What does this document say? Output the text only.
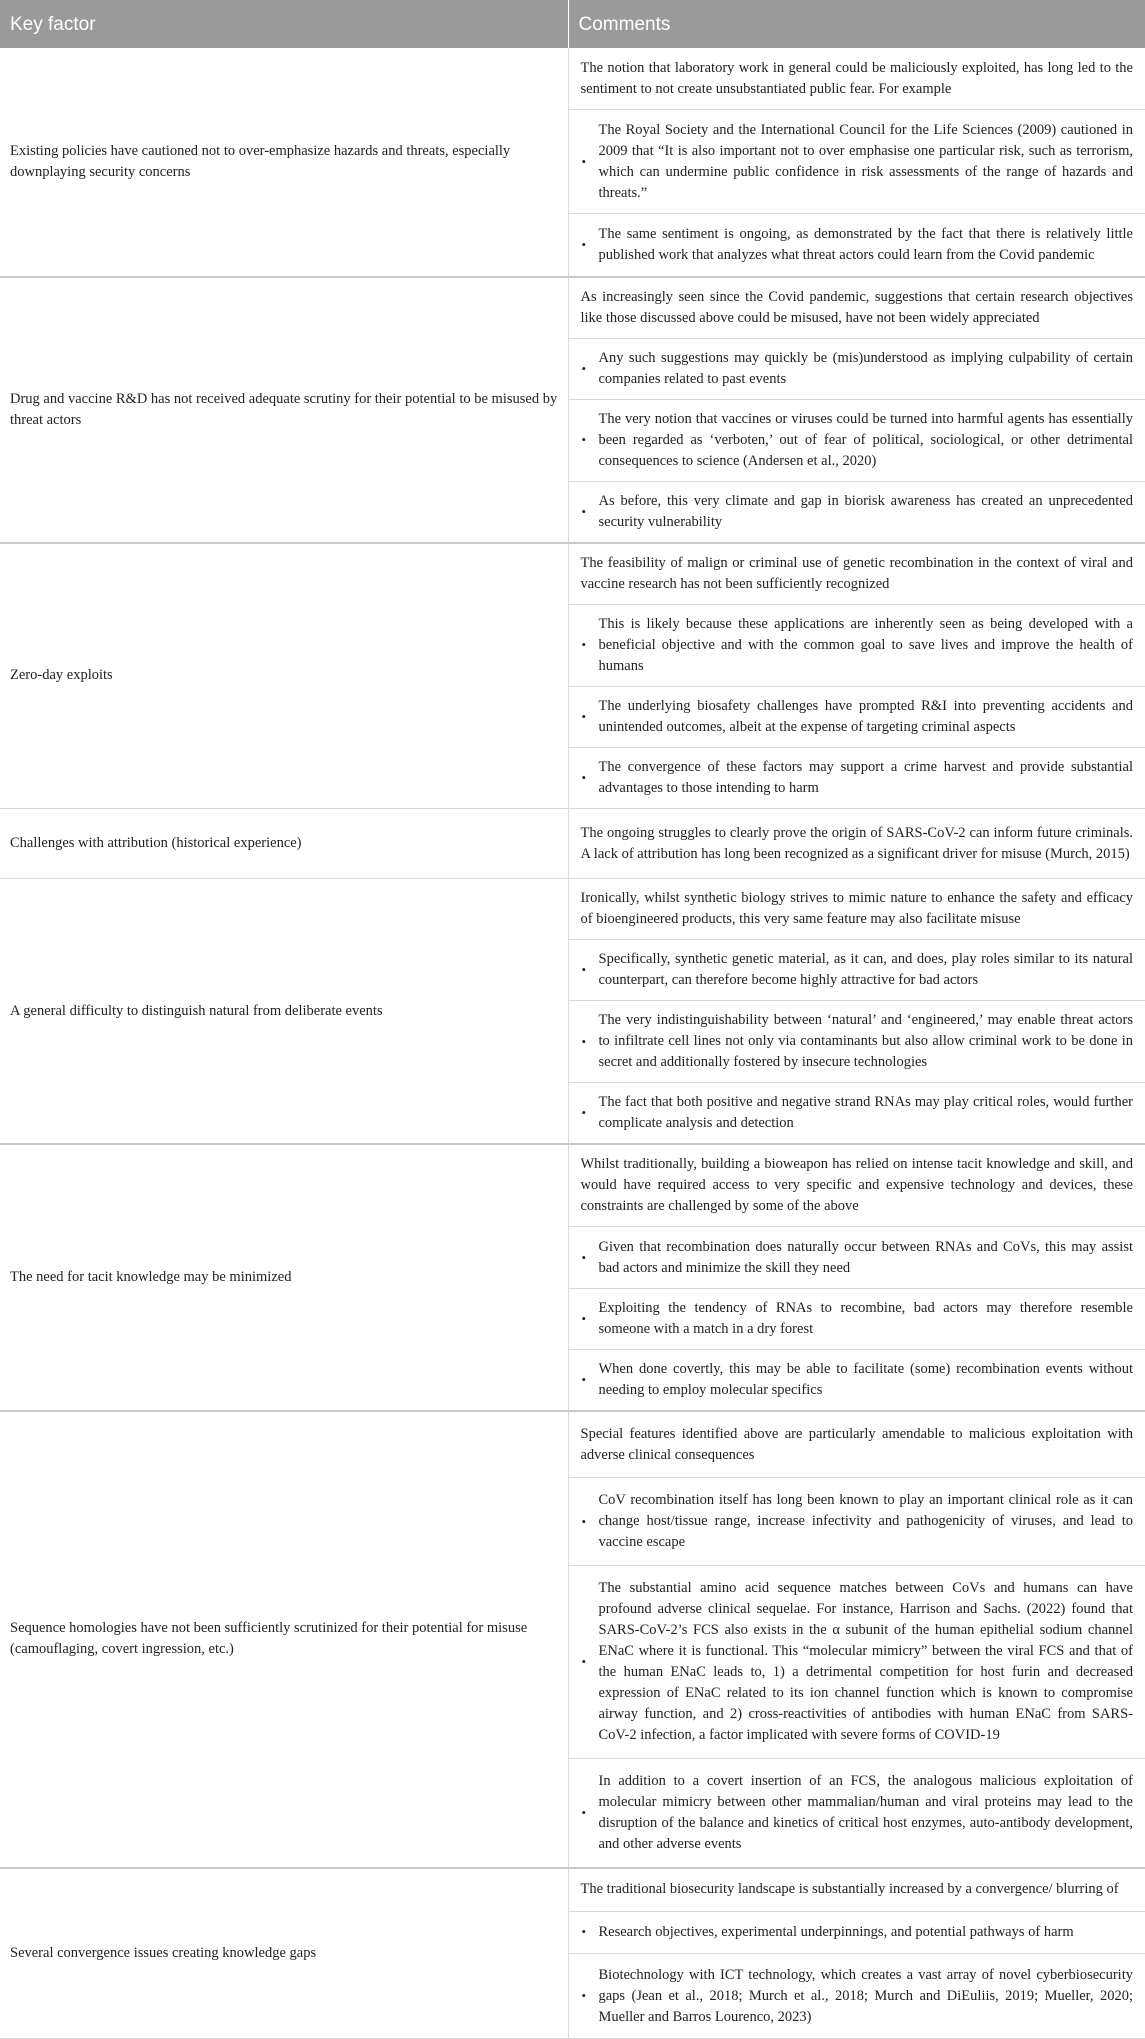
Key factor	Comments
Existing policies have cautioned not to over-emphasize hazards and threats, especially downplaying security concerns	The notion that laboratory work in general could be maliciously exploited, has long led to the sentiment to not create unsubstantiated public fear. For example
• The Royal Society and the International Council for the Life Sciences (2009) cautioned in 2009 that “It is also important not to over emphasise one particular risk, such as terrorism, which can undermine public confidence in risk assessments of the range of hazards and threats.”
• The same sentiment is ongoing, as demonstrated by the fact that there is relatively little published work that analyzes what threat actors could learn from the Covid pandemic

Drug and vaccine R&D has not received adequate scrutiny for their potential to be misused by threat actors	As increasingly seen since the Covid pandemic, suggestions that certain research objectives like those discussed above could be misused, have not been widely appreciated
• Any such suggestions may quickly be (mis)understood as implying culpability of certain companies related to past events
• The very notion that vaccines or viruses could be turned into harmful agents has essentially been regarded as ‘verboten,’ out of fear of political, sociological, or other detrimental consequences to science (Andersen et al., 2020)
• As before, this very climate and gap in biorisk awareness has created an unprecedented security vulnerability

Zero-day exploits	The feasibility of malign or criminal use of genetic recombination in the context of viral and vaccine research has not been sufficiently recognized
• This is likely because these applications are inherently seen as being developed with a beneficial objective and with the common goal to save lives and improve the health of humans
• The underlying biosafety challenges have prompted R&I into preventing accidents and unintended outcomes, albeit at the expense of targeting criminal aspects
• The convergence of these factors may support a crime harvest and provide substantial advantages to those intending to harm

Challenges with attribution (historical experience)	The ongoing struggles to clearly prove the origin of SARS-CoV-2 can inform future criminals. A lack of attribution has long been recognized as a significant driver for misuse (Murch, 2015)

A general difficulty to distinguish natural from deliberate events	Ironically, whilst synthetic biology strives to mimic nature to enhance the safety and efficacy of bioengineered products, this very same feature may also facilitate misuse
• Specifically, synthetic genetic material, as it can, and does, play roles similar to its natural counterpart, can therefore become highly attractive for bad actors
• The very indistinguishability between ‘natural’ and ‘engineered,’ may enable threat actors to infiltrate cell lines not only via contaminants but also allow criminal work to be done in secret and additionally fostered by insecure technologies
• The fact that both positive and negative strand RNAs may play critical roles, would further complicate analysis and detection

The need for tacit knowledge may be minimized	Whilst traditionally, building a bioweapon has relied on intense tacit knowledge and skill, and would have required access to very specific and expensive technology and devices, these constraints are challenged by some of the above
• Given that recombination does naturally occur between RNAs and CoVs, this may assist bad actors and minimize the skill they need
• Exploiting the tendency of RNAs to recombine, bad actors may therefore resemble someone with a match in a dry forest
• When done covertly, this may be able to facilitate (some) recombination events without needing to employ molecular specifics

Sequence homologies have not been sufficiently scrutinized for their potential for misuse (camouflaging, covert ingression, etc.)	Special features identified above are particularly amendable to malicious exploitation with adverse clinical consequences
• CoV recombination itself has long been known to play an important clinical role as it can change host/tissue range, increase infectivity and pathogenicity of viruses, and lead to vaccine escape
• The substantial amino acid sequence matches between CoVs and humans can have profound adverse clinical sequelae. For instance, Harrison and Sachs. (2022) found that SARS-CoV-2’s FCS also exists in the α subunit of the human epithelial sodium channel ENaC where it is functional. This “molecular mimicry” between the viral FCS and that of the human ENaC leads to, 1) a detrimental competition for host furin and decreased expression of ENaC related to its ion channel function which is known to compromise airway function, and 2) cross-reactivities of antibodies with human ENaC from SARS-CoV-2 infection, a factor implicated with severe forms of COVID-19
• In addition to a covert insertion of an FCS, the analogous malicious exploitation of molecular mimicry between other mammalian/human and viral proteins may lead to the disruption of the balance and kinetics of critical host enzymes, auto-antibody development, and other adverse events

Several convergence issues creating knowledge gaps	The traditional biosecurity landscape is substantially increased by a convergence/ blurring of
• Research objectives, experimental underpinnings, and potential pathways of harm
• Biotechnology with ICT technology, which creates a vast array of novel cyberbiosecurity gaps (Jean et al., 2018; Murch et al., 2018; Murch and DiEuliis, 2019; Mueller, 2020; Mueller and Barros Lourenco, 2023)
